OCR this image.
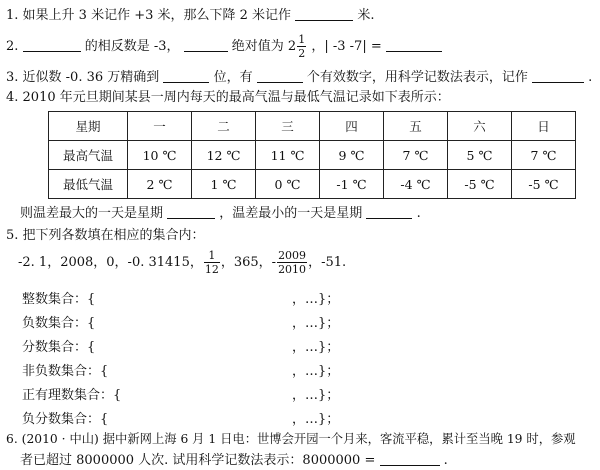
1. 如果上升 3 米记作 +3 米，那么下降 2 米记作	米.
2.	的相反数是 -3，	绝对值为 $2 \frac{1}{2}$ ，| -3 -7| =
3. 近似数 -0. 36 万精确到	位，有	个有效数字，用科学记数法表示，记作	.
4. 2010 年元旦期间某县一周内每天的最高气温与最低气温记录如下表所示：
星期	一	二	三	四	五	六	日
最高气温	10 ℃	12 ℃	11 ℃	9 ℃	7 ℃	5 ℃	7 ℃
最低气温	2 ℃	1 ℃	0 ℃	-1 ℃	-4 ℃	-5 ℃	-5 ℃
则温差最大的一天是星期	，温差最小的一天是星期	.
5. 把下列各数填在相应的集合内：
-2. 1，2008，0，-0. 31415， $\frac{1}{12}$ ，365，- $\frac{2009}{2010}$ ，-51.
整数集合：{	，…}；
负数集合：{	，…}；
分数集合：{	，…}；
非负数集合：{	，…}；
正有理数集合：{	，…}；
负分数集合：{	，…}；
6. (2010 · 中山) 据中新网上海 6 月 1 日电：世博会开园一个月来，客流平稳，累计至当晚 19 时，参观
者已超过 8000000 人次. 试用科学记数法表示：8000000 =	.
